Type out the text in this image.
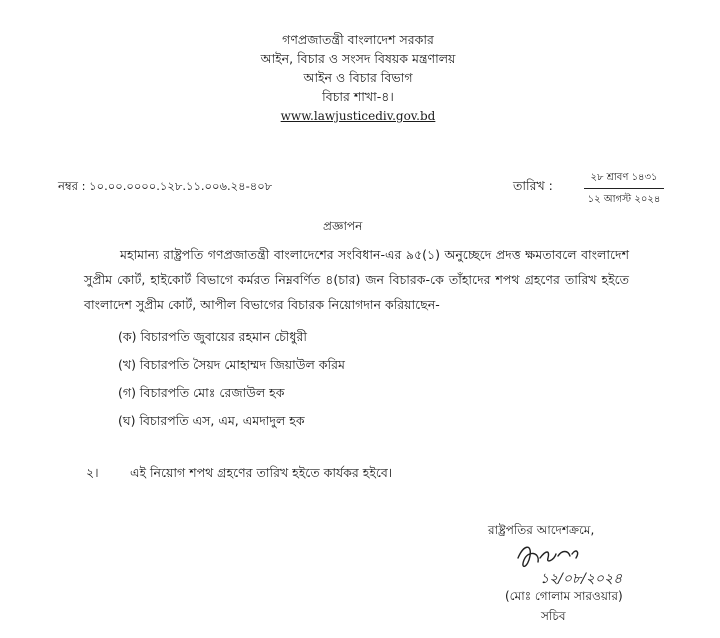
গণপ্রজাতন্ত্রী বাংলাদেশ সরকার
আইন, বিচার ও সংসদ বিষয়ক মন্ত্রণালয়
আইন ও বিচার বিভাগ
বিচার শাখা-৪।
www.lawjusticediv.gov.bd
নম্বর : ১০.০০.০০০০.১২৮.১১.০০৬.২৪-৪০৮	তারিখ :
২৮ শ্রাবণ ১৪৩১
১২ আগস্ট ২০২৪
প্রজ্ঞাপন
মহামান্য রাষ্ট্রপতি গণপ্রজাতন্ত্রী বাংলাদেশের সংবিধান-এর ৯৫(১) অনুচ্ছেদে প্রদত্ত ক্ষমতাবলে বাংলাদেশ সুপ্রীম কোর্ট, হাইকোর্ট বিভাগে কর্মরত নিম্নবর্ণিত ৪(চার) জন বিচারক-কে তাঁহাদের শপথ গ্রহণের তারিখ হইতে বাংলাদেশ সুপ্রীম কোর্ট, আপীল বিভাগের বিচারক নিয়োগদান করিয়াছেন-
(ক) বিচারপতি জুবায়ের রহমান চৌধুরী
(খ) বিচারপতি সৈয়দ মোহাম্মদ জিয়াউল করিম
(গ) বিচারপতি মোঃ রেজাউল হক
(ঘ) বিচারপতি এস, এম, এমদাদুল হক
২।	এই নিয়োগ শপথ গ্রহণের তারিখ হইতে কার্যকর হইবে।
রাষ্ট্রপতির আদেশক্রমে,
১২/০৮/২০২৪
(মোঃ গোলাম সারওয়ার)
সচিব
